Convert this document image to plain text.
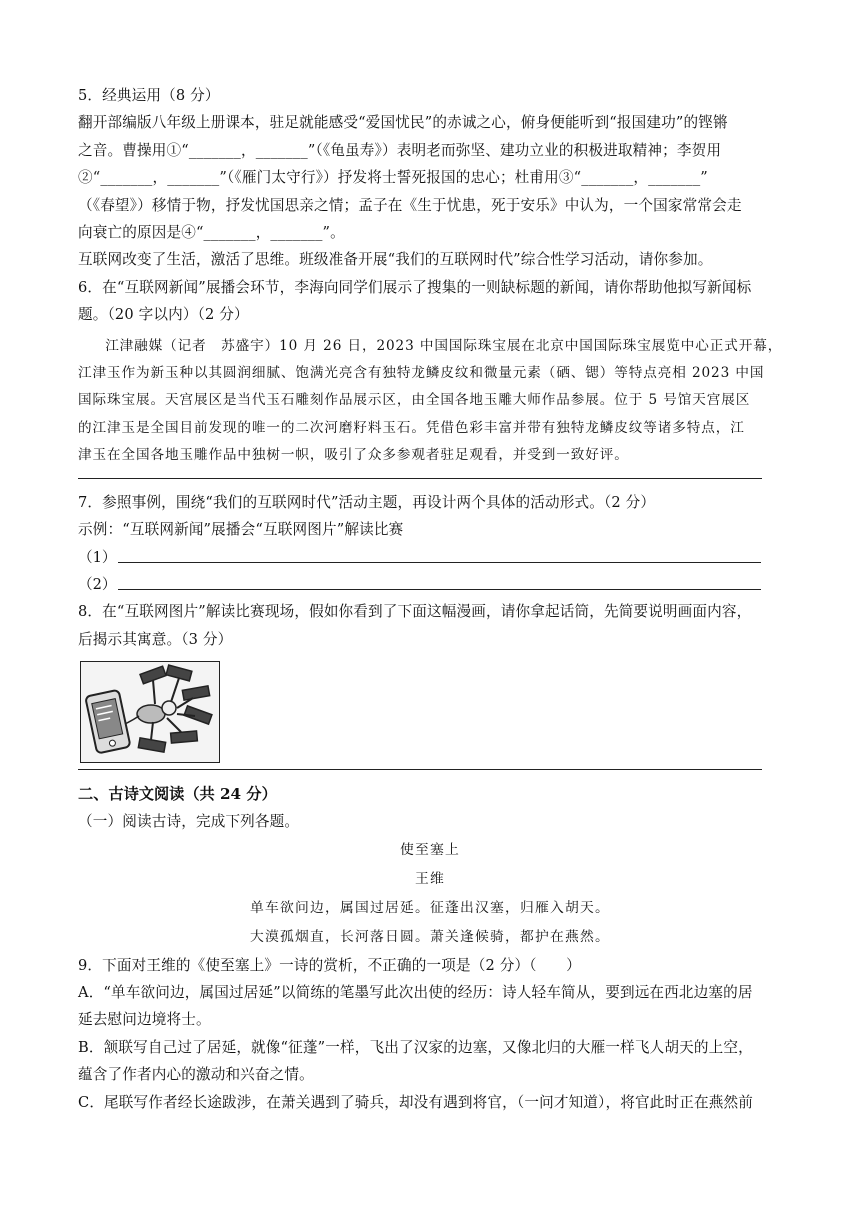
5．经典运用（8 分）
翻开部编版八年级上册课本，驻足就能感受“爱国忧民”的赤诚之心，俯身便能听到“报国建功”的铿锵
之音。曹操用①“_______，_______”（《龟虽寿》）表明老而弥坚、建功立业的积极进取精神；李贺用
②“_______，_______”（《雁门太守行》）抒发将士誓死报国的忠心；杜甫用③“_______，_______”
（《春望》）移情于物，抒发忧国思亲之情；孟子在《生于忧患，死于安乐》中认为，一个国家常常会走
向衰亡的原因是④“_______，_______”。
互联网改变了生活，激活了思维。班级准备开展“我们的互联网时代”综合性学习活动，请你参加。
6．在“互联网新闻”展播会环节，李海向同学们展示了搜集的一则缺标题的新闻，请你帮助他拟写新闻标
题。（20 字以内）（2 分）
江津融媒（记者　苏盛宇）10 月 26 日，2023 中国国际珠宝展在北京中国国际珠宝展览中心正式开幕，
江津玉作为新玉种以其圆润细腻、饱满光亮含有独特龙鳞皮纹和微量元素（硒、锶）等特点亮相 2023 中国
国际珠宝展。天宫展区是当代玉石雕刻作品展示区，由全国各地玉雕大师作品参展。位于 5 号馆天宫展区
的江津玉是全国目前发现的唯一的二次河磨籽料玉石。凭借色彩丰富并带有独特龙鳞皮纹等诸多特点，江
津玉在全国各地玉雕作品中独树一帜，吸引了众多参观者驻足观看，并受到一致好评。
7．参照事例，围绕“我们的互联网时代”活动主题，再设计两个具体的活动形式。（2 分）
示例：“互联网新闻”展播会“互联网图片”解读比赛
（1）
（2）
8．在“互联网图片”解读比赛现场，假如你看到了下面这幅漫画，请你拿起话筒，先简要说明画面内容，
后揭示其寓意。（3 分）
二、古诗文阅读（共 24 分）
（一）阅读古诗，完成下列各题。
使至塞上
王维
单车欲问边，属国过居延。征蓬出汉塞，归雁入胡天。
大漠孤烟直，长河落日圆。萧关逢候骑，都护在燕然。
9．下面对王维的《使至塞上》一诗的赏析，不正确的一项是（2 分）（　　）
A．“单车欲问边，属国过居延”以简练的笔墨写此次出使的经历：诗人轻车简从，要到远在西北边塞的居
延去慰问边境将士。
B．颔联写自己过了居延，就像“征蓬”一样，飞出了汉家的边塞，又像北归的大雁一样飞人胡天的上空，
蕴含了作者内心的激动和兴奋之情。
C．尾联写作者经长途跋涉，在萧关遇到了骑兵，却没有遇到将官，（一问才知道），将官此时正在燕然前
